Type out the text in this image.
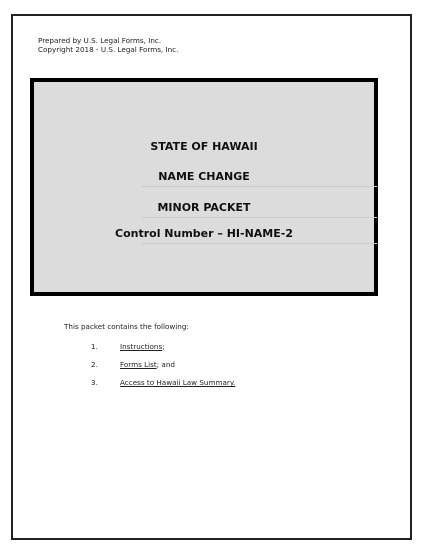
Prepared by U.S. Legal Forms, Inc.
Copyright 2018 - U.S. Legal Forms, Inc.

STATE OF HAWAII

NAME CHANGE

MINOR PACKET

Control Number – HI-NAME-2

This packet contains the following:

1.	Instructions;
2.	Forms List; and
3.	Access to Hawaii Law Summary.
